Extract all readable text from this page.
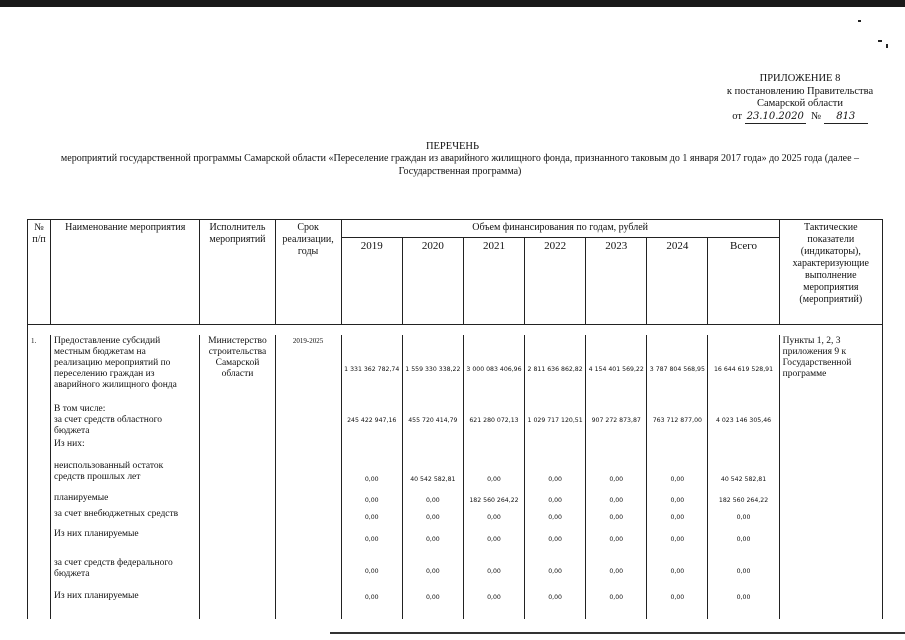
ПРИЛОЖЕНИЕ 8
к постановлению Правительства
Самарской области
от 23.10.2020 № 813
ПЕРЕЧЕНЬ
мероприятий государственной программы Самарской области «Переселение граждан из аварийного жилищного фонда, признанного таковым до 1 января 2017 года» до 2025 года (далее – Государственная программа)
№ п/п	Наименование мероприятия	Исполнитель мероприятий	Срок реализации, годы	Объем финансирования по годам, рублей							Тактические показатели (индикаторы), характеризующие выполнение мероприятия (мероприятий)
				2019	2020	2021	2022	2023	2024	Всего	

1.	Предоставление субсидий местным бюджетам на реализацию мероприятий по переселению граждан из аварийного жилищного фонда	Министерство строительства Самарской области	2019-2025	1 331 362 782,74	1 559 330 338,22	3 000 083 406,96	2 811 636 862,82	4 154 401 569,22	3 787 804 568,95	16 644 619 528,91	Пункты 1, 2, 3 приложения 9 к Государственной программе
	В том числе:
за счет средств областного бюджета			245 422 947,16	455 720 414,79	621 280 072,13	1 029 717 120,51	907 272 873,87	763 712 877,00	4 023 146 305,46	
	Из них:										
	неиспользованный остаток средств прошлых лет			0,00	40 542 582,81	0,00	0,00	0,00	0,00	40 542 582,81	
	планируемые			0,00	0,00	182 560 264,22	0,00	0,00	0,00	182 560 264,22	
	за счет внебюджетных средств			0,00	0,00	0,00	0,00	0,00	0,00	0,00	
	Из них планируемые			0,00	0,00	0,00	0,00	0,00	0,00	0,00	
	за счет средств федерального бюджета			0,00	0,00	0,00	0,00	0,00	0,00	0,00	
	Из них планируемые			0,00	0,00	0,00	0,00	0,00	0,00	0,00	
